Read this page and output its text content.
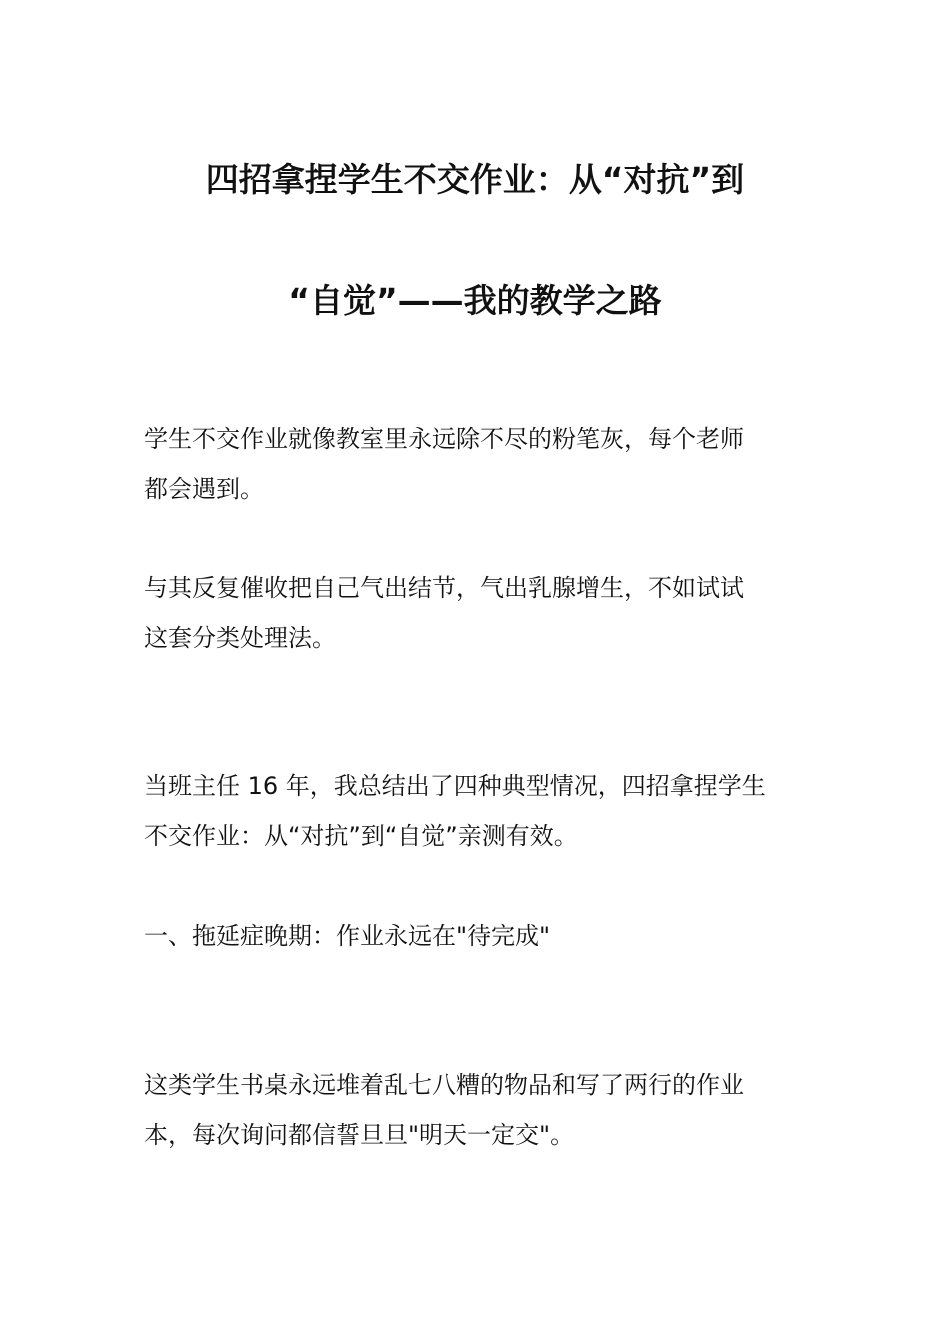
四招拿捏学生不交作业：从“对抗”到
“自觉”——我的教学之路
学生不交作业就像教室里永远除不尽的粉笔灰，每个老师
都会遇到。
与其反复催收把自己气出结节，气出乳腺增生，不如试试
这套分类处理法。
当班主任 16 年，我总结出了四种典型情况，四招拿捏学生
不交作业：从“对抗”到“自觉”亲测有效。
一、拖延症晚期：作业永远在"待完成"
这类学生书桌永远堆着乱七八糟的物品和写了两行的作业
本，每次询问都信誓旦旦"明天一定交"。
